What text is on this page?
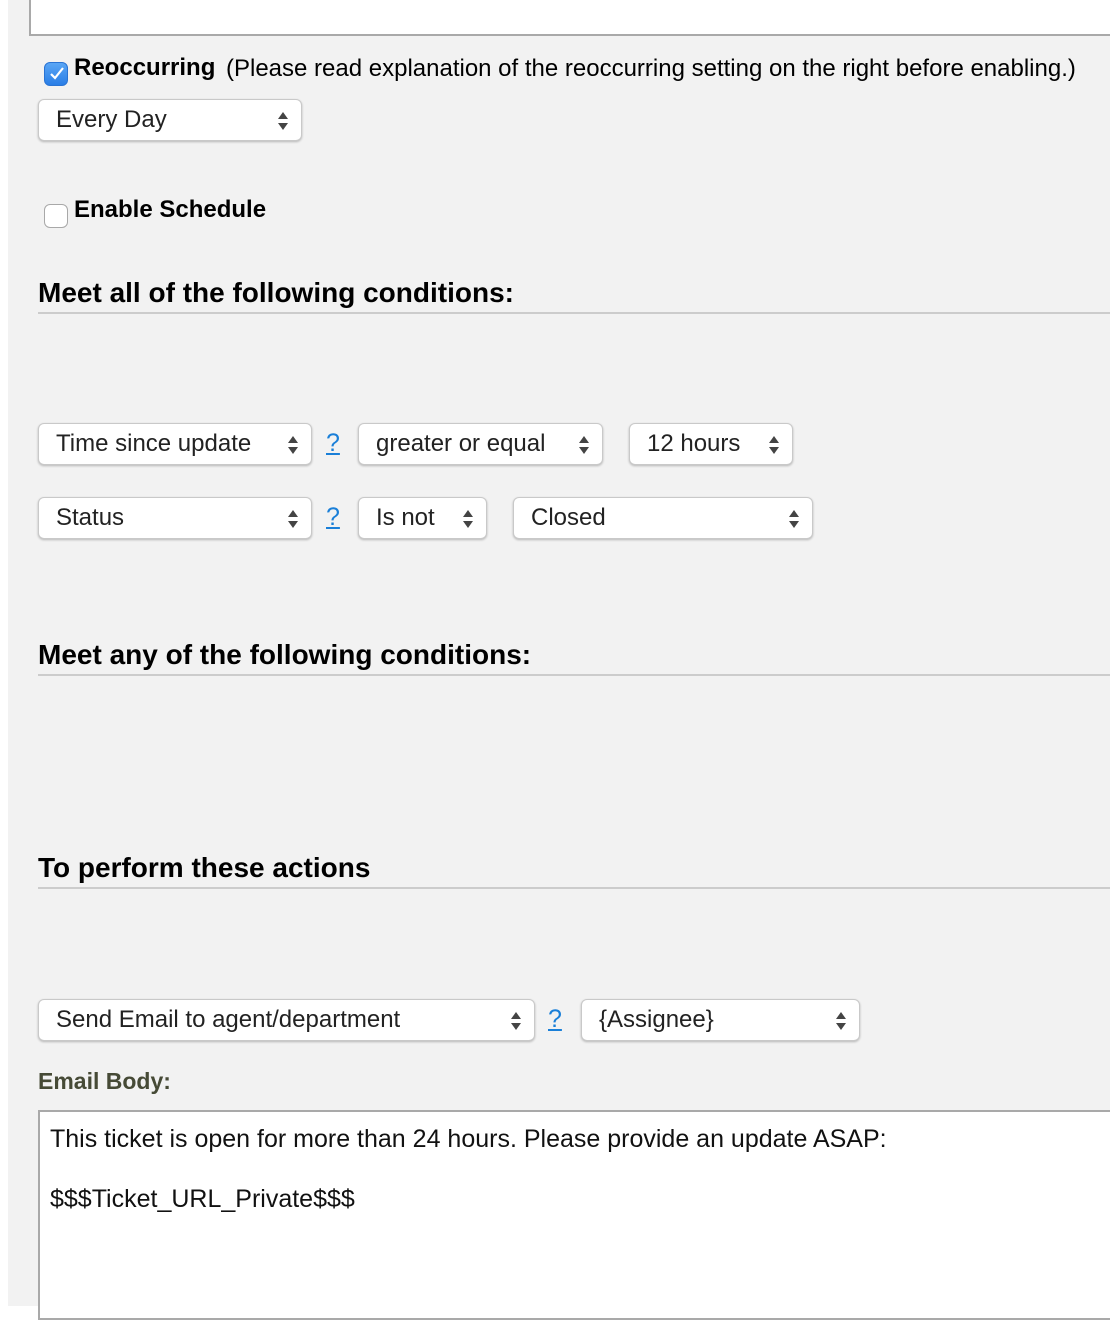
Reoccurring (Please read explanation of the reoccurring setting on the right before enabling.)
Every Day
Enable Schedule
Meet all of the following conditions:
Time since update	?	greater or equal	12 hours
Status	?	Is not	Closed
Meet any of the following conditions:
To perform these actions
Send Email to agent/department	?	{Assignee}
Email Body:
This ticket is open for more than 24 hours. Please provide an update ASAP:
$$$Ticket_URL_Private$$$
